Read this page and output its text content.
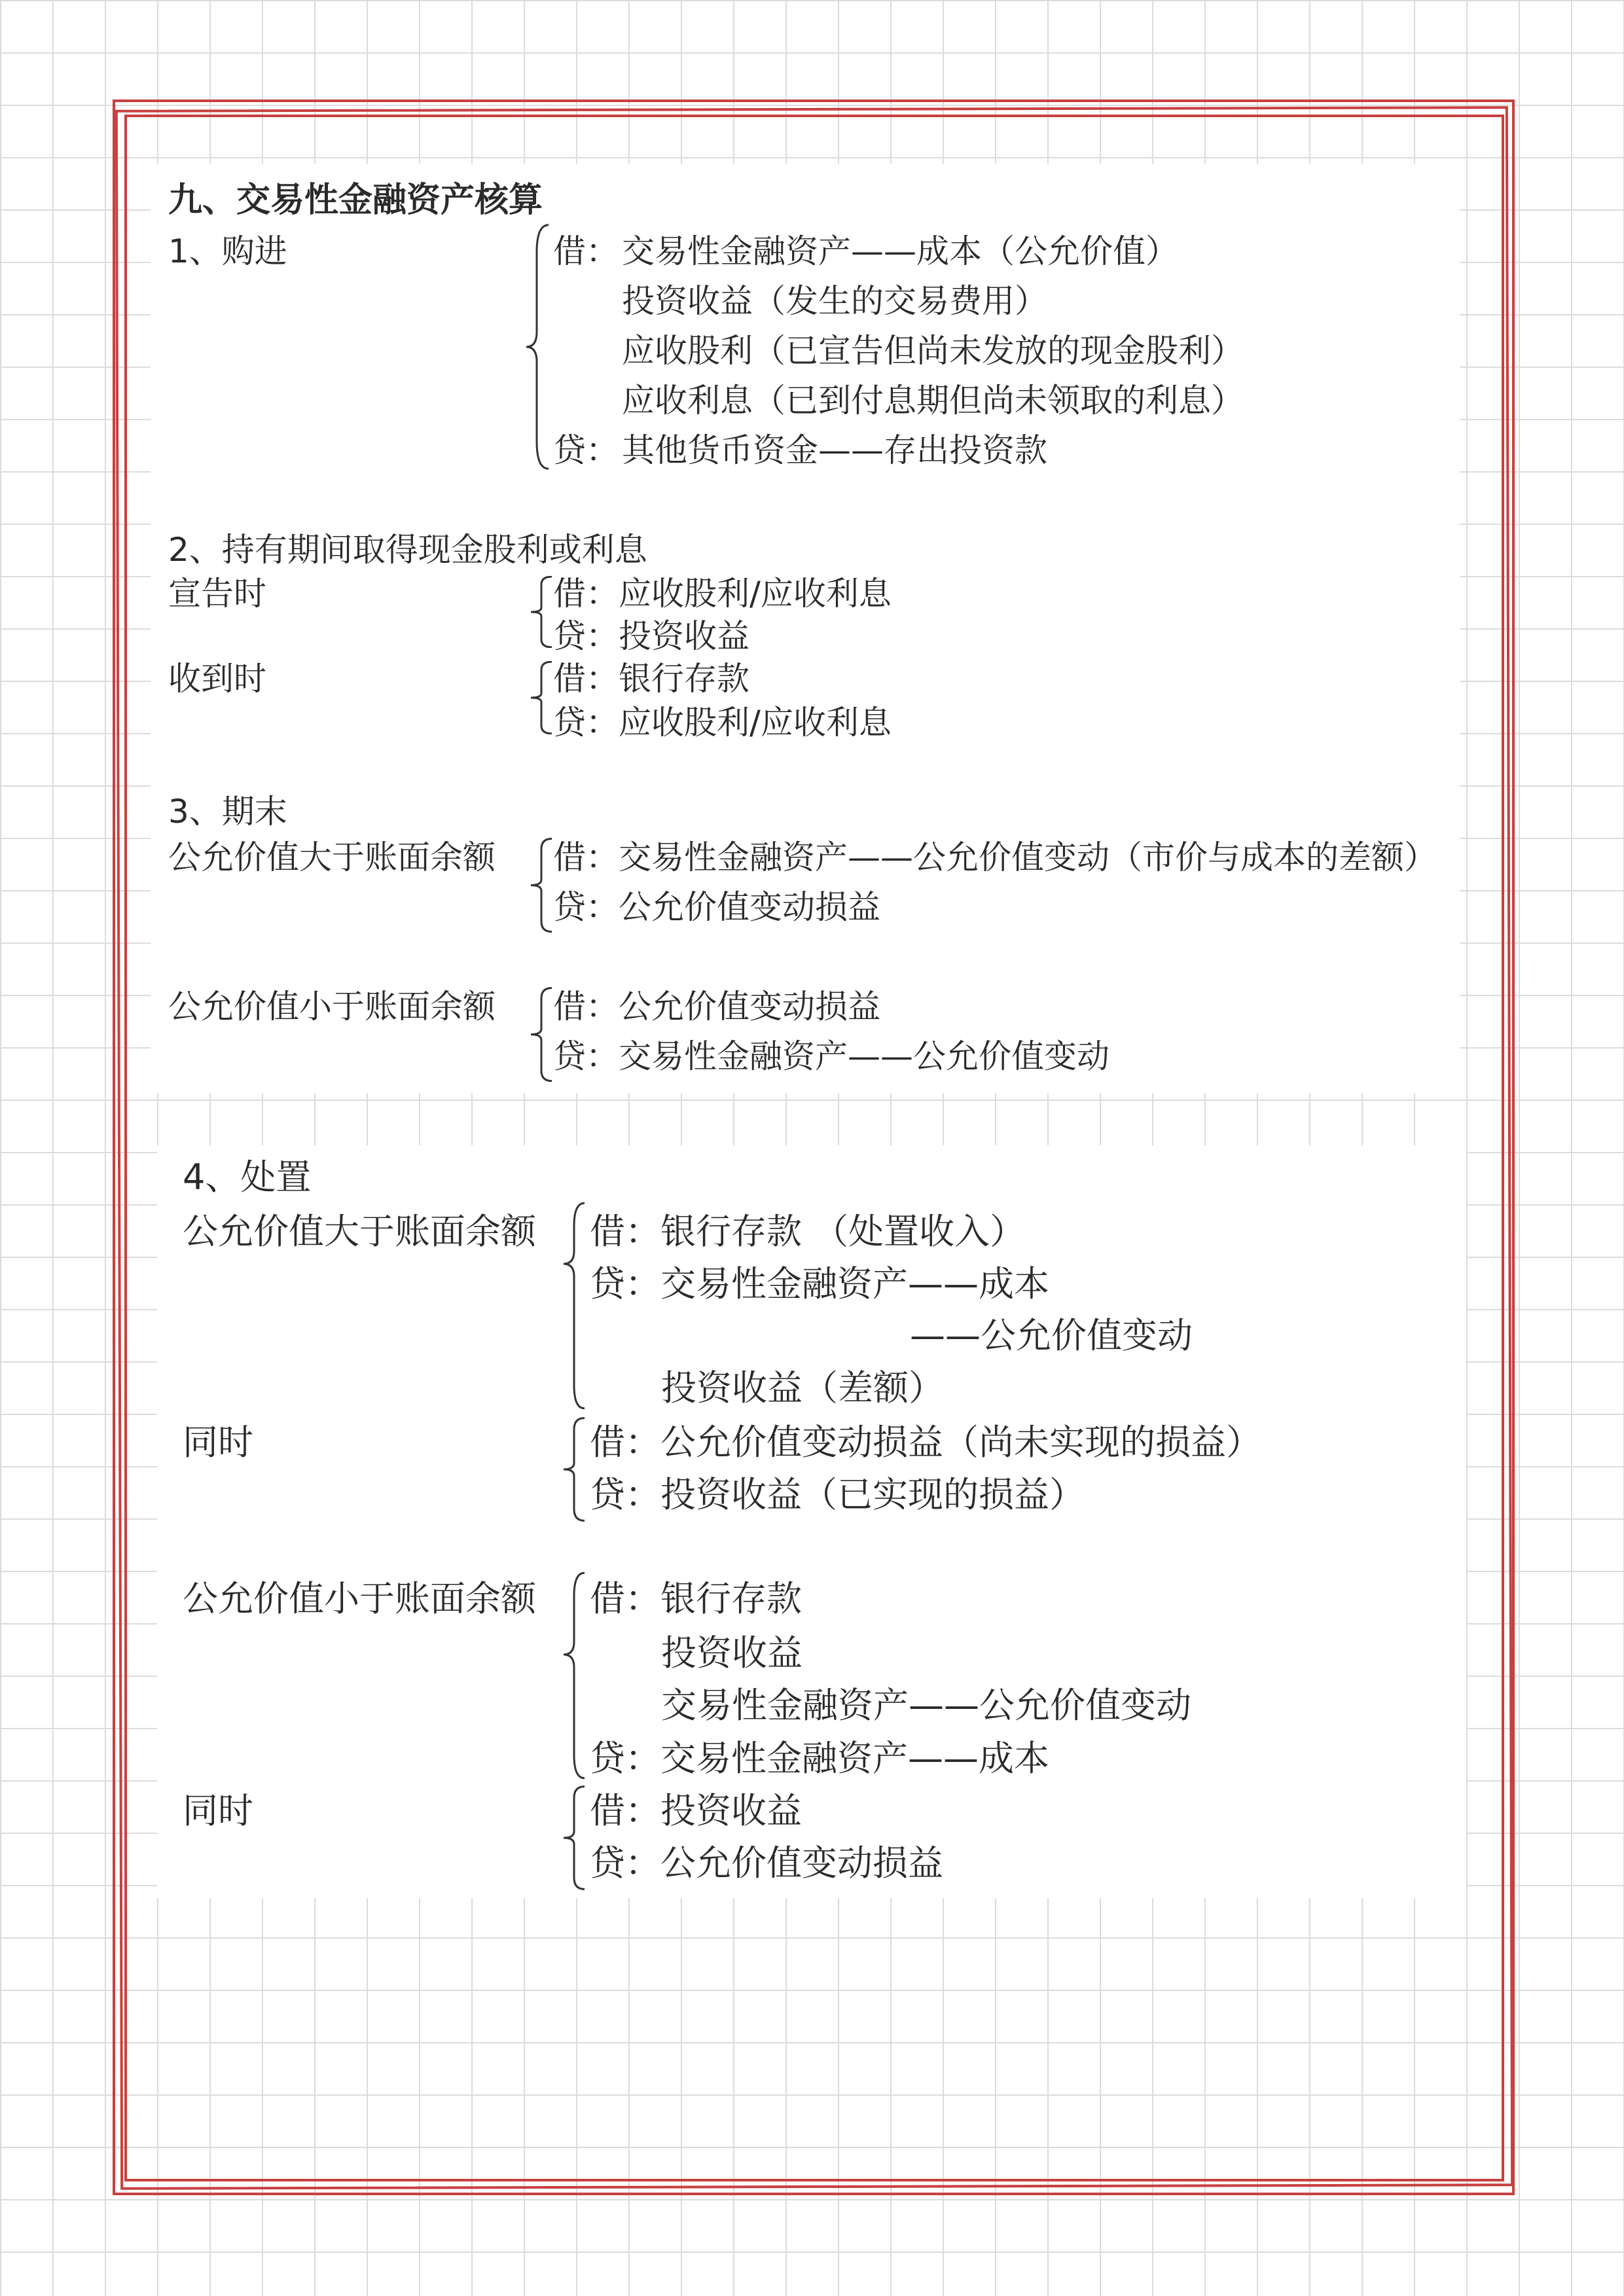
九、交易性金融资产核算
1、购进	借： 交易性金融资产——成本（公允价值）
投资收益（发生的交易费用）
应收股利（已宣告但尚未发放的现金股利）
应收利息（已到付息期但尚未领取的利息）
贷： 其他货币资金——存出投资款
2、持有期间取得现金股利或利息
宣告时	借：应收股利/应收利息
贷：投资收益
收到时	借：银行存款
贷：应收股利/应收利息
3、期末
公允价值大于账面余额 借：交易性金融资产——公允价值变动（市价与成本的差额）
贷：公允价值变动损益
公允价值小于账面余额 借：公允价值变动损益
贷：交易性金融资产——公允价值变动
4、处置
公允价值大于账面余额 借：银行存款 （处置收入）
贷：交易性金融资产——成本
——公允价值变动
投资收益（差额）
同时	借：公允价值变动损益（尚未实现的损益）
贷：投资收益（已实现的损益）
公允价值小于账面余额 借：银行存款
投资收益
交易性金融资产——公允价值变动
贷：交易性金融资产——成本
同时	借：投资收益
贷：公允价值变动损益
